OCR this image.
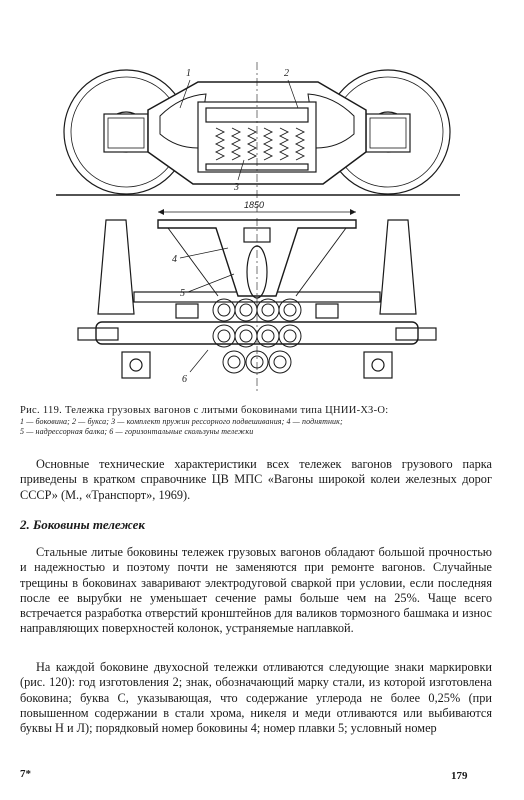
1	2
3
4
5
6
1850
Рис. 119. Тележка грузовых вагонов с литыми боковинами типа ЦНИИ-ХЗ-О:
1 — боковина; 2 — букса; 3 — комплект пружин рессорного подвешивания; 4 — поднятник;
5 — надрессорная балка; 6 — горизонтальные скользуны тележки

Основные технические характеристики всех тележек вагонов грузового парка приведены в кратком справочнике ЦВ МПС «Вагоны широкой колеи железных дорог СССР» (М., «Транспорт», 1969).

2. Боковины тележек

Стальные литые боковины тележек грузовых вагонов обладают большой прочностью и надежностью и поэтому почти не заменяются при ремонте вагонов. Случайные трещины в боковинах заваривают электродуговой сваркой при условии, если последняя после ее вырубки не уменьшает сечение рамы больше чем на 25%. Чаще всего встречается разработка отверстий кронштейнов для валиков тормозного башмака и износ направляющих поверхностей колонок, устраняемые наплавкой.

На каждой боковине двухосной тележки отливаются следующие знаки маркировки (рис. 120): год изготовления 2; знак, обозначающий марку стали, из которой изготовлена боковина; буква С, указывающая, что содержание углерода не более 0,25% (при повышенном содержании в стали хрома, никеля и меди отливаются или выбиваются буквы Н и Л); порядковый номер боковины 4; номер плавки 5; условный номер

7*	179
